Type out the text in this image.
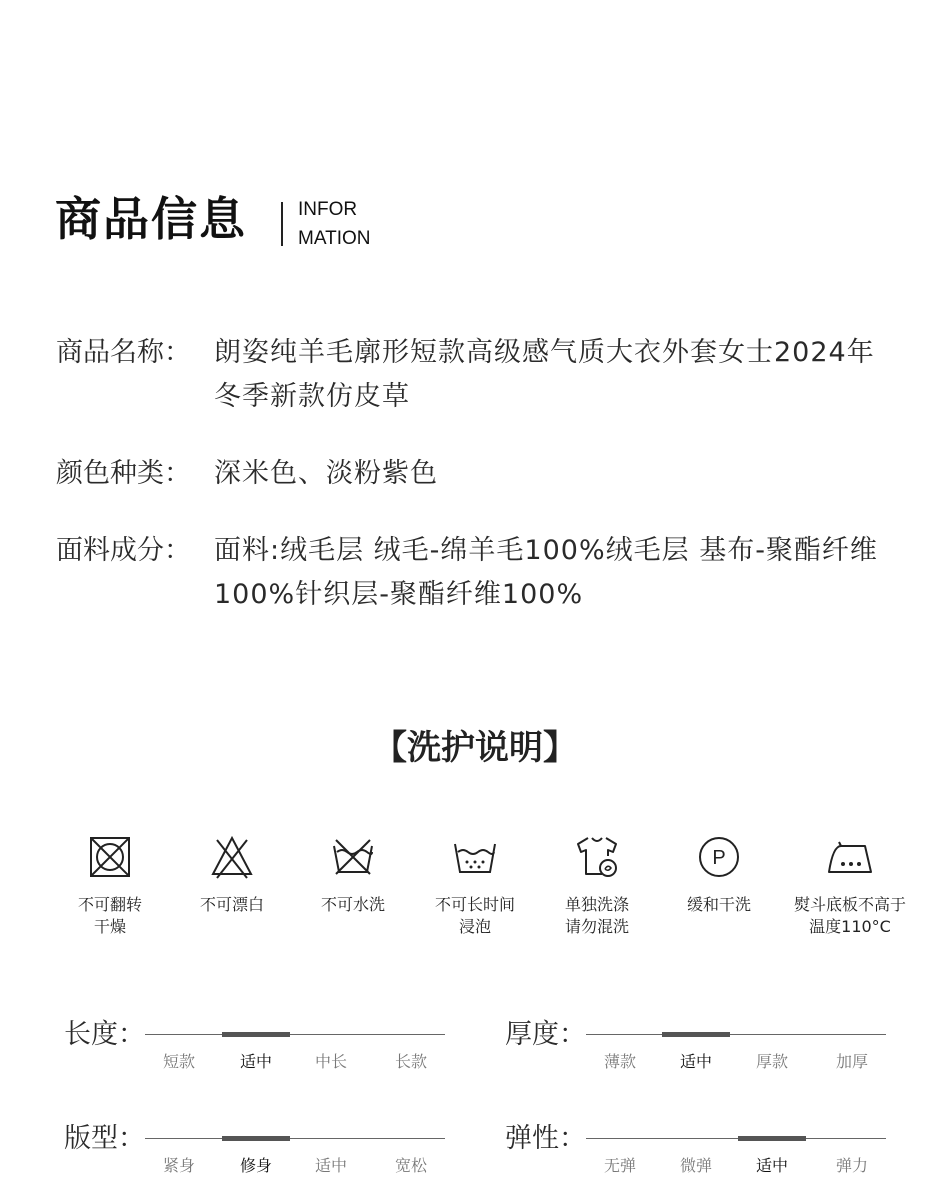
商品信息	INFOR
MATION
商品名称： 朗姿纯羊毛廓形短款高级感气质大衣外套女士2024年冬季新款仿皮草
颜色种类： 深米色、淡粉紫色
面料成分： 面料:绒毛层 绒毛-绵羊毛100%绒毛层 基布-聚酯纤维100%针织层-聚酯纤维100%
【洗护说明】
不可翻转
干燥
不可漂白	不可水洗	不可长时间
浸泡
单独洗涤
请勿混洗
P
缓和干洗	熨斗底板不高于
温度110°C
长度：
短款	适中	中长	长款
厚度：
薄款	适中	厚款	加厚
版型：
紧身	修身	适中	宽松
弹性：
无弹	微弹	适中	弹力
